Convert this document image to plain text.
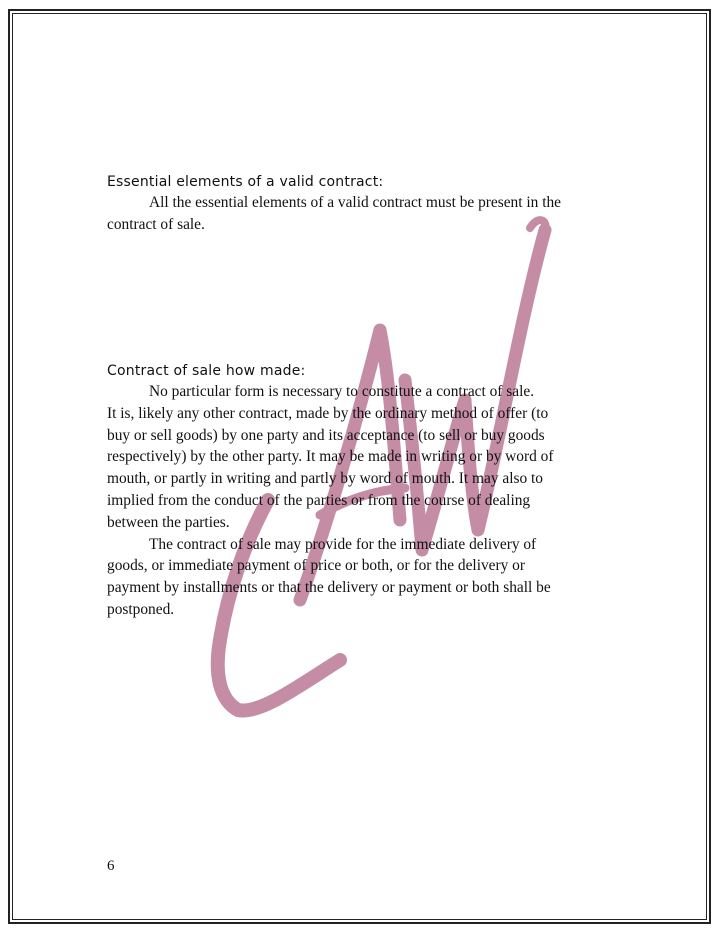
Essential elements of a valid contract:

All the essential elements of a valid contract must be present in the
contract of sale.

Contract of sale how made:

No particular form is necessary to constitute a contract of sale.
It is, likely any other contract, made by the ordinary method of offer (to
buy or sell goods) by one party and its acceptance (to sell or buy goods
respectively) by the other party. It may be made in writing or by word of
mouth, or partly in writing and partly by word of mouth. It may also to
implied from the conduct of the parties or from the course of dealing
between the parties.

The contract of sale may provide for the immediate delivery of
goods, or immediate payment of price or both, or for the delivery or
payment by installments or that the delivery or payment or both shall be
postponed.

6
